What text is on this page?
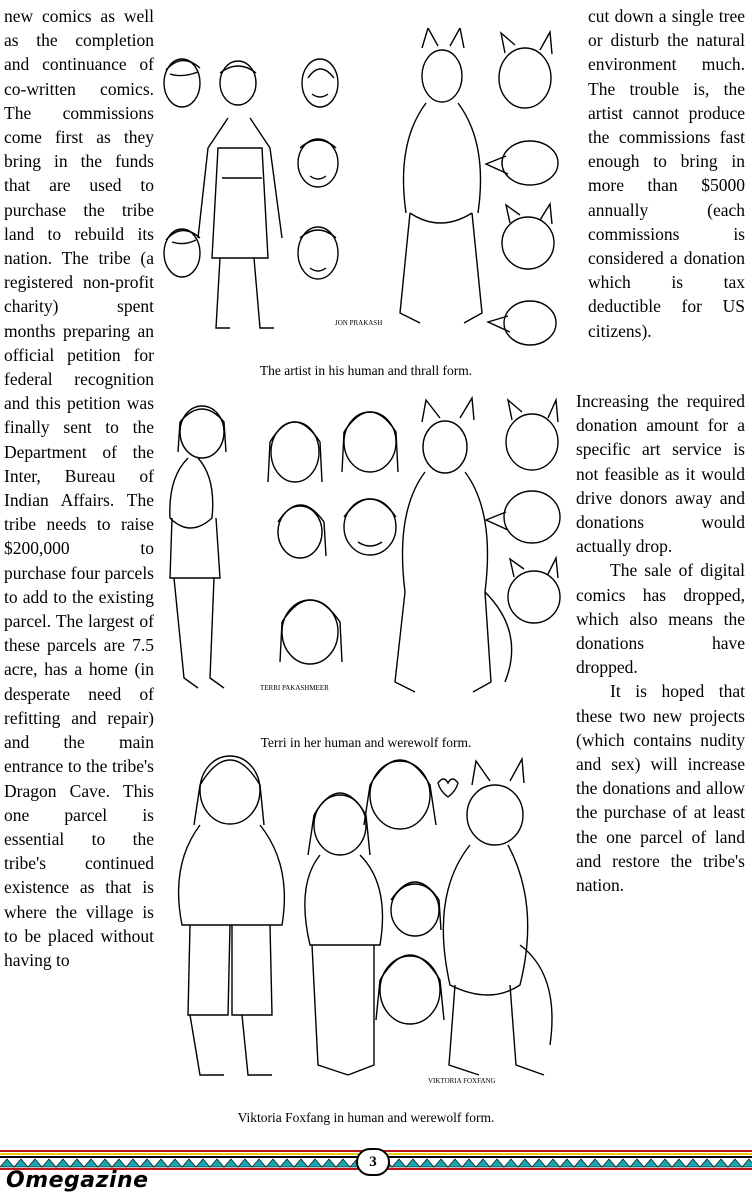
new comics as well as the completion and continuance of co-written comics. The commissions come first as they bring in the funds that are used to purchase the tribe land to rebuild its nation. The tribe (a registered non-profit charity) spent months preparing an official petition for federal recognition and this petition was finally sent to the Department of the Inter, Bureau of Indian Affairs. The tribe needs to raise $200,000 to purchase four parcels to add to the existing parcel. The largest of these parcels are 7.5 acre, has a home (in desperate need of refitting and repair) and the main entrance to the tribe's Dragon Cave. This one parcel is essential to the tribe's continued existence as that is where the village is to be placed without having to

cut down a single tree or disturb the natural environment much. The trouble is, the artist cannot produce the commissions fast enough to bring in more than $5000 annually (each commissions is considered a donation which is tax deductible for US citizens).

Increasing the required donation amount for a specific art service is not feasible as it would drive donors away and donations would actually drop.

The sale of digital comics has dropped, which also means the donations have dropped.

It is hoped that these two new projects (which contains nudity and sex) will increase the donations and allow the purchase of at least the one parcel of land and restore the tribe's nation.

JON PRAKASH
The artist in his human and thrall form.
TERRI PAKASHMEER
Terri in her human and werewolf form.
VIKTORIA FOXFANG
Viktoria Foxfang in human and werewolf form.
3
Omegazine
